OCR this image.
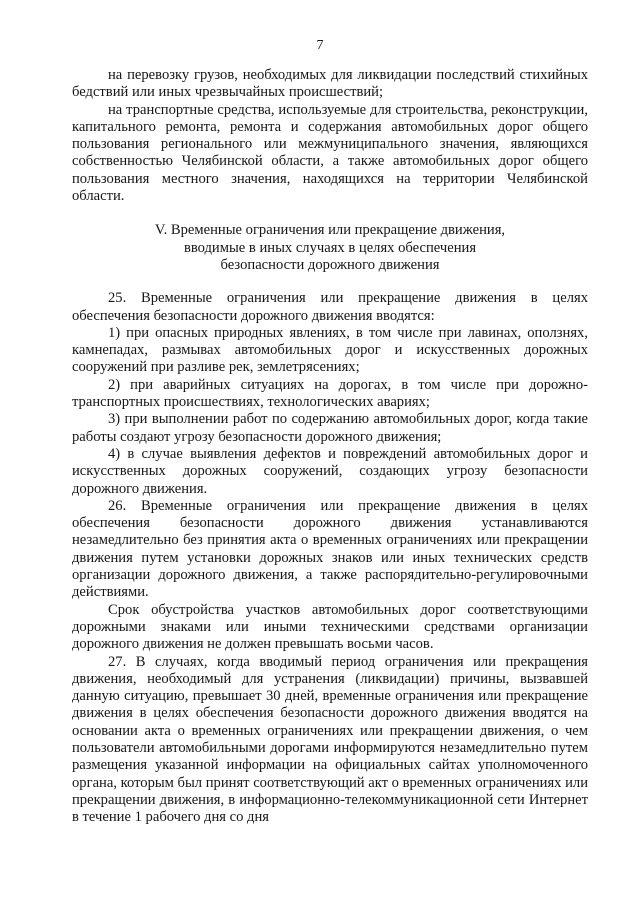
7

на перевозку грузов, необходимых для ликвидации последствий стихийных бедствий или иных чрезвычайных происшествий;

на транспортные средства, используемые для строительства, реконструкции, капитального ремонта, ремонта и содержания автомобильных дорог общего пользования регионального или межмуниципального значения, являющихся собственностью Челябинской области, а также автомобильных дорог общего пользования местного значения, находящихся на территории Челябинской области.

V. Временные ограничения или прекращение движения,
вводимые в иных случаях в целях обеспечения
безопасности дорожного движения

25. Временные ограничения или прекращение движения в целях обеспечения безопасности дорожного движения вводятся:

1) при опасных природных явлениях, в том числе при лавинах, оползнях, камнепадах, размывах автомобильных дорог и искусственных дорожных сооружений при разливе рек, землетрясениях;

2) при аварийных ситуациях на дорогах, в том числе при дорожно-транспортных происшествиях, технологических авариях;

3) при выполнении работ по содержанию автомобильных дорог, когда такие работы создают угрозу безопасности дорожного движения;

4) в случае выявления дефектов и повреждений автомобильных дорог и искусственных дорожных сооружений, создающих угрозу безопасности дорожного движения.

26. Временные ограничения или прекращение движения в целях обеспечения безопасности дорожного движения устанавливаются незамедлительно без принятия акта о временных ограничениях или прекращении движения путем установки дорожных знаков или иных технических средств организации дорожного движения, а также распорядительно-регулировочными действиями.

Срок обустройства участков автомобильных дорог соответствующими дорожными знаками или иными техническими средствами организации дорожного движения не должен превышать восьми часов.

27. В случаях, когда вводимый период ограничения или прекращения движения, необходимый для устранения (ликвидации) причины, вызвавшей данную ситуацию, превышает 30 дней, временные ограничения или прекращение движения в целях обеспечения безопасности дорожного движения вводятся на основании акта о временных ограничениях или прекращении движения, о чем пользователи автомобильными дорогами информируются незамедлительно путем размещения указанной информации на официальных сайтах уполномоченного органа, которым был принят соответствующий акт о временных ограничениях или прекращении движения, в информационно-телекоммуникационной сети Интернет в течение 1 рабочего дня со дня
